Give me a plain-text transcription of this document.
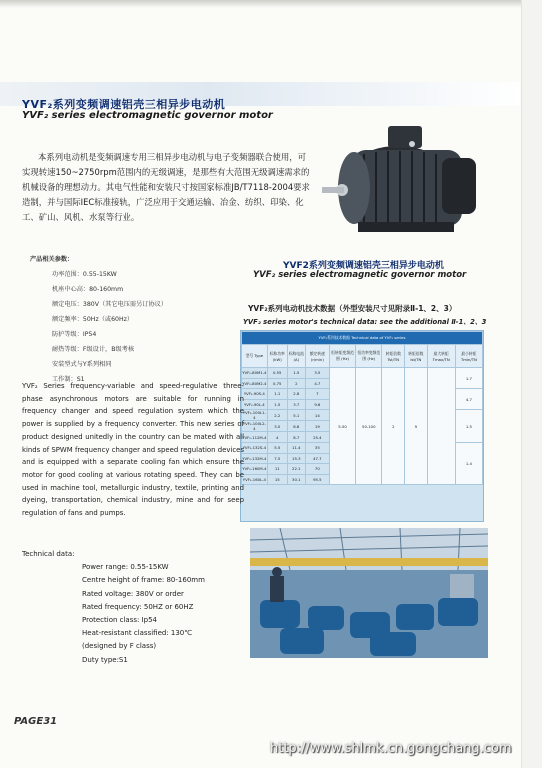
YVF₂系列变频调速铝壳三相异步电动机
YVF₂ series electromagnetic governor motor
本系列电动机是变频调速专用三相异步电动机与电子变频器联合使用，可实现转速150~2750rpm范围内的无级调速，是那些有大范围无级调速需求的机械设备的理想动力。其电气性能和安装尺寸按国家标准JB/T7118-2004要求造制，并与国际IEC标准接轨，广泛应用于交通运输、冶金、纺织、印染、化工、矿山、风机、水泵等行业。
产品相关参数：
功率范围：0.55-15KW
机座中心高：80-160mm
额定电压：380V（其它电压需另订协议）
额定频率：50Hz（或60Hz）
防护等级：IP54
耐热等级：F级设计，B级考核
安装型式与Y系列相同
工作制：S1
YVF2系列变频调速铝壳三相异步电动机
YVF₂ series electromagnetic governor motor
YVF₂系列电动机技术数据（外型安装尺寸见附录Ⅱ-1、2、3）
YVF₂ series motor's technical data: see the additional Ⅱ-1、2、3
YVF₂系列技术数据 Technical data of YVF₂ series									
型号 Type	标称功率 (kW)	标称电流 (A)	额定转速 (r/min)	恒转矩变频范围 (Hz)	恒功率变频范围 (Hz)	转矩倍数 Tst/TN	转矩倍数 Ist/TN	最大转矩 Tmax/TN	最小转矩 Tmin/TN
YVF₂-80M1-4	0.55	1.5	3.5	5-50	50-100	2	9		1.7
YVF₂-80M2-4	0.75	2	4.7						
YVF₂-90S-4	1.1	2.8	7						4.7
YVF₂-90L-4	1.5	3.7	9.6						
YVF₂-100L1-4	2.2	5.1	14						1.5
YVF₂-100L2-4	3.0	6.8	19						
YVF₂-112M-4	4	8.7	25.4						
YVF₂-132S-4	5.5	11.4	35						1.4
YVF₂-132M-4	7.5	15.3	47.7						
YVF₂-160M-4	11	22.1	70						
YVF₂-160L-4	15	30.1	95.5						
YVF₂ Series frequency-variable and speed-regulative three-phase asynchronous motors are suitable for running in frequency changer and speed regulation system which the power is supplied by a frequency converter. This new series of product designed unitedly in the country can be mated with all kinds of SPWM frequency changer and speed regulation devices and is equipped with a separate cooling fan which ensure the motor for good cooling at various rotating speed. They can be used in machine tool, metallurgic industry, textile, printing and dyeing, transportation, chemical industry, mine and for seep regulation of fans and pumps.
Technical data:
Power range: 0.55-15KW
Centre height of frame: 80-160mm
Rated voltage: 380V or order
Rated frequency: 50HZ or 60HZ
Protection class: Ip54
Heat-resistant classified: 130℃
(designed by F class)
Duty type:S1
PAGE31
http://www.shlmk.cn.gongchang.com
